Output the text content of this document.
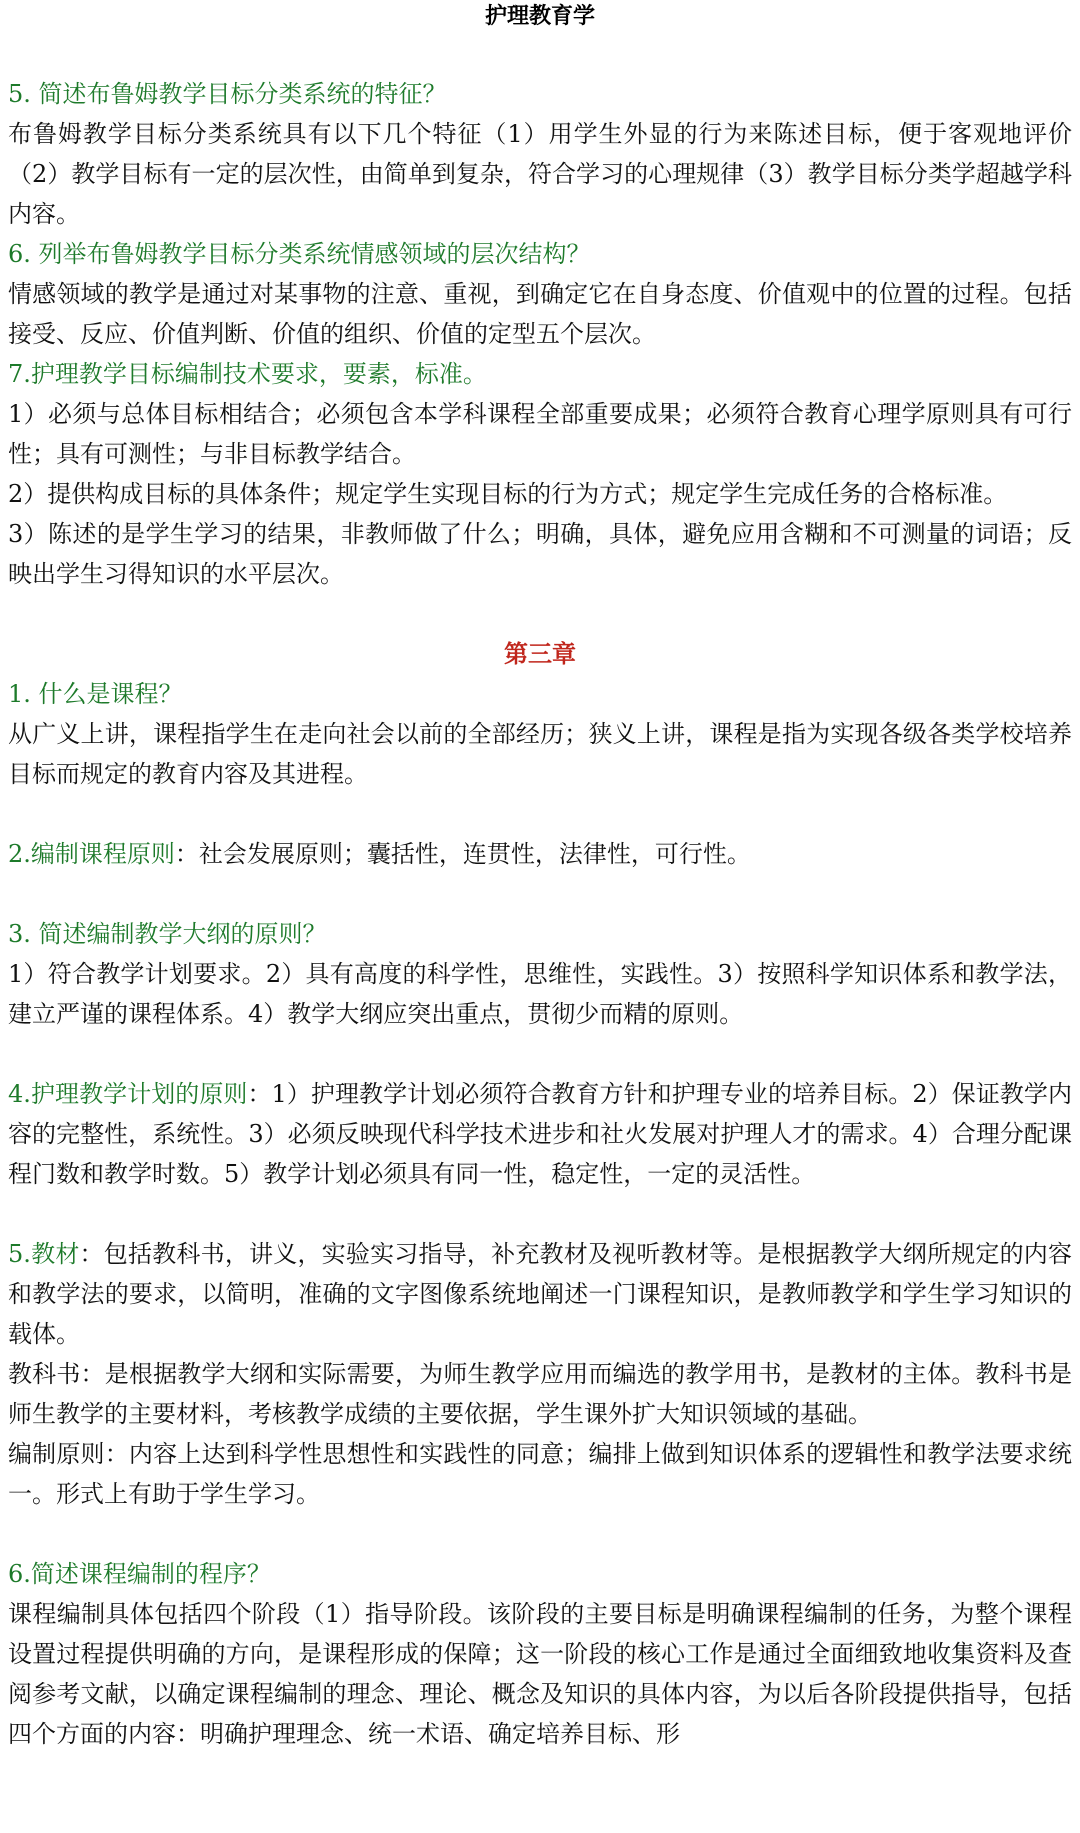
护理教育学
5. 简述布鲁姆教学目标分类系统的特征？
布鲁姆教学目标分类系统具有以下几个特征（1）用学生外显的行为来陈述目标，便于客观地评价（2）教学目标有一定的层次性，由简单到复杂，符合学习的心理规律（3）教学目标分类学超越学科内容。
6. 列举布鲁姆教学目标分类系统情感领域的层次结构？
情感领域的教学是通过对某事物的注意、重视，到确定它在自身态度、价值观中的位置的过程。包括接受、反应、价值判断、价值的组织、价值的定型五个层次。
7.护理教学目标编制技术要求，要素，标准。
1）必须与总体目标相结合；必须包含本学科课程全部重要成果；必须符合教育心理学原则具有可行性；具有可测性；与非目标教学结合。
2）提供构成目标的具体条件；规定学生实现目标的行为方式；规定学生完成任务的合格标准。
3）陈述的是学生学习的结果，非教师做了什么；明确，具体，避免应用含糊和不可测量的词语；反映出学生习得知识的水平层次。
第三章
1. 什么是课程？
从广义上讲，课程指学生在走向社会以前的全部经历；狭义上讲，课程是指为实现各级各类学校培养目标而规定的教育内容及其进程。
2.编制课程原则：社会发展原则；囊括性，连贯性，法律性，可行性。
3. 简述编制教学大纲的原则？
1）符合教学计划要求。2）具有高度的科学性，思维性，实践性。3）按照科学知识体系和教学法，建立严谨的课程体系。4）教学大纲应突出重点，贯彻少而精的原则。
4.护理教学计划的原则：1）护理教学计划必须符合教育方针和护理专业的培养目标。2）保证教学内容的完整性，系统性。3）必须反映现代科学技术进步和社火发展对护理人才的需求。4）合理分配课程门数和教学时数。5）教学计划必须具有同一性，稳定性，一定的灵活性。
5.教材：包括教科书，讲义，实验实习指导，补充教材及视听教材等。是根据教学大纲所规定的内容和教学法的要求，以简明，准确的文字图像系统地阐述一门课程知识，是教师教学和学生学习知识的载体。
教科书：是根据教学大纲和实际需要，为师生教学应用而编选的教学用书，是教材的主体。教科书是师生教学的主要材料，考核教学成绩的主要依据，学生课外扩大知识领域的基础。
编制原则：内容上达到科学性思想性和实践性的同意；编排上做到知识体系的逻辑性和教学法要求统一。形式上有助于学生学习。
6.简述课程编制的程序？
课程编制具体包括四个阶段（1）指导阶段。该阶段的主要目标是明确课程编制的任务，为整个课程设置过程提供明确的方向，是课程形成的保障；这一阶段的核心工作是通过全面细致地收集资料及查阅参考文献，以确定课程编制的理念、理论、概念及知识的具体内容，为以后各阶段提供指导，包括四个方面的内容：明确护理理念、统一术语、确定培养目标、形
